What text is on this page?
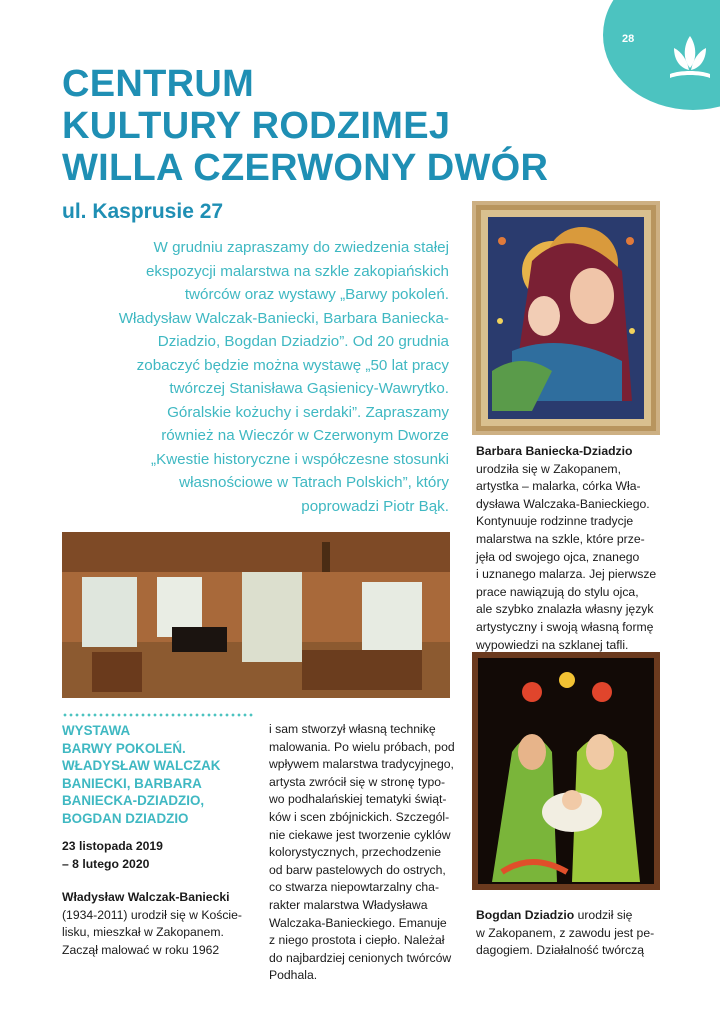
28
CENTRUM
KULTURY RODZIMEJ
WILLA CZERWONY DWÓR
ul. Kasprusie 27
W grudniu zapraszamy do zwiedzenia stałej
ekspozycji malarstwa na szkle zakopiańskich
twórców oraz wystawy „Barwy pokoleń.
Władysław Walczak-Baniecki, Barbara Baniecka-
Dziadzio, Bogdan Dziadzio”. Od 20 grudnia
zobaczyć będzie można wystawę „50 lat pracy
twórczej Stanisława Gąsienicy-Wawrytko.
Góralskie kożuchy i serdaki”. Zapraszamy
również na Wieczór w Czerwonym Dworze
„Kwestie historyczne i współczesne stosunki
własnościowe w Tatrach Polskich”, który
poprowadzi Piotr Bąk.
WYSTAWA
BARWY POKOLEŃ.
WŁADYSŁAW WALCZAK
BANIECKI, BARBARA
BANIECKA-DZIADZIO,
BOGDAN DZIADZIO
23 listopada 2019
– 8 lutego 2020
Władysław Walczak-Baniecki
(1934-2011) urodził się w Koście-
lisku, mieszkał w Zakopanem.
Zaczął malować w roku 1962
i sam stworzył własną technikę
malowania. Po wielu próbach, pod
wpływem malarstwa tradycyjnego,
artysta zwrócił się w stronę typo-
wo podhalańskiej tematyki świąt-
ków i scen zbójnickich. Szczegól-
nie ciekawe jest tworzenie cyklów
kolorystycznych, przechodzenie
od barw pastelowych do ostrych,
co stwarza niepowtarzalny cha-
rakter malarstwa Władysława
Walczaka-Banieckiego. Emanuje
z niego prostota i ciepło. Należał
do najbardziej cenionych twórców
Podhala.
Barbara Baniecka-Dziadzio
urodziła się w Zakopanem,
artystka – malarka, córka Wła-
dysława Walczaka-Banieckiego.
Kontynuuje rodzinne tradycje
malarstwa na szkle, które prze-
jęła od swojego ojca, znanego
i uznanego malarza. Jej pierwsze
prace nawiązują do stylu ojca,
ale szybko znalazła własny język
artystyczny i swoją własną formę
wypowiedzi na szklanej tafli.
Bogdan Dziadzio urodził się
w Zakopanem, z zawodu jest pe-
dagogiem. Działalność twórczą
